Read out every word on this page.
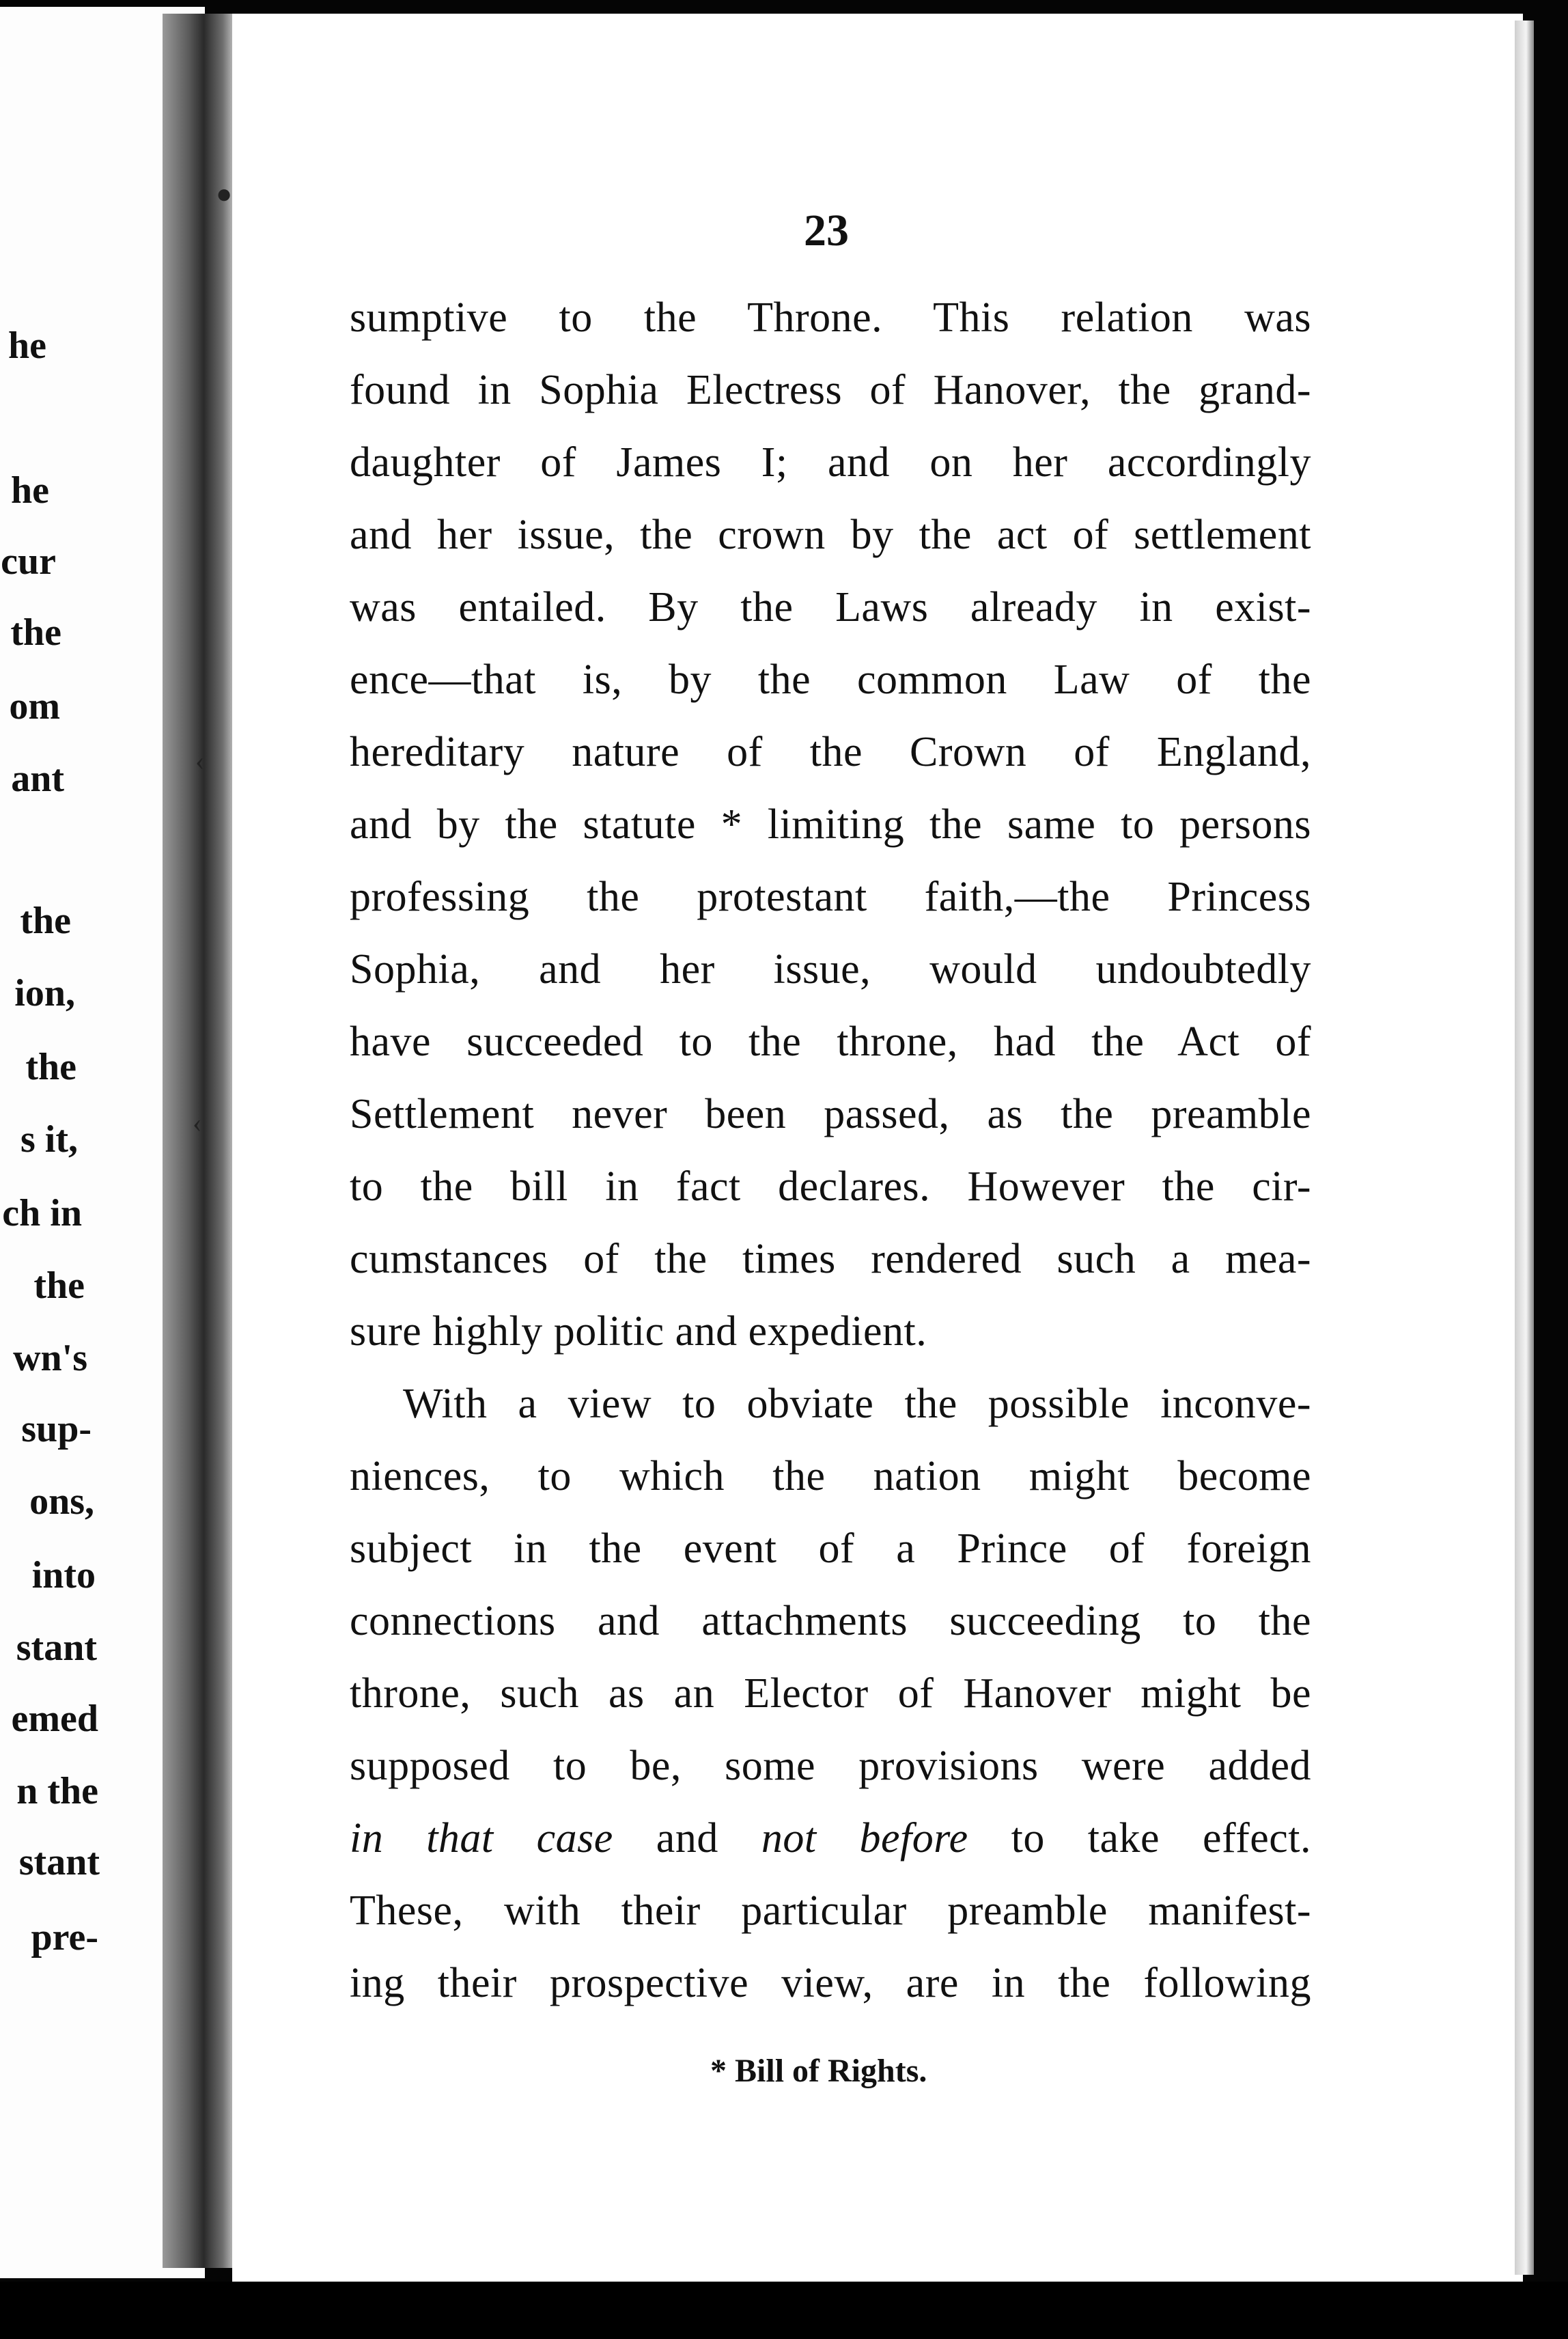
he
he
cur
the
om
ant
the
ion,
the
s it,
ch in
the
wn's
sup-
ons,
into
stant
emed
n the
stant
pre-
●
‹
‹
23
sumptive to the Throne. This relation was
found in Sophia Electress of Hanover, the grand-
daughter of James I; and on her accordingly
and her issue, the crown by the act of settlement
was entailed. By the Laws already in exist-
ence—that is, by the common Law of the
hereditary nature of the Crown of England,
and by the statute * limiting the same to persons
professing the protestant faith,—the Princess
Sophia, and her issue, would undoubtedly
have succeeded to the throne, had the Act of
Settlement never been passed, as the preamble
to the bill in fact declares. However the cir-
cumstances of the times rendered such a mea-
sure highly politic and expedient.
With a view to obviate the possible inconve-
niences, to which the nation might become
subject in the event of a Prince of foreign
connections and attachments succeeding to the
throne, such as an Elector of Hanover might be
supposed to be, some provisions were added
in that case and not before to take effect.
These, with their particular preamble manifest-
ing their prospective view, are in the following
* Bill of Rights.
